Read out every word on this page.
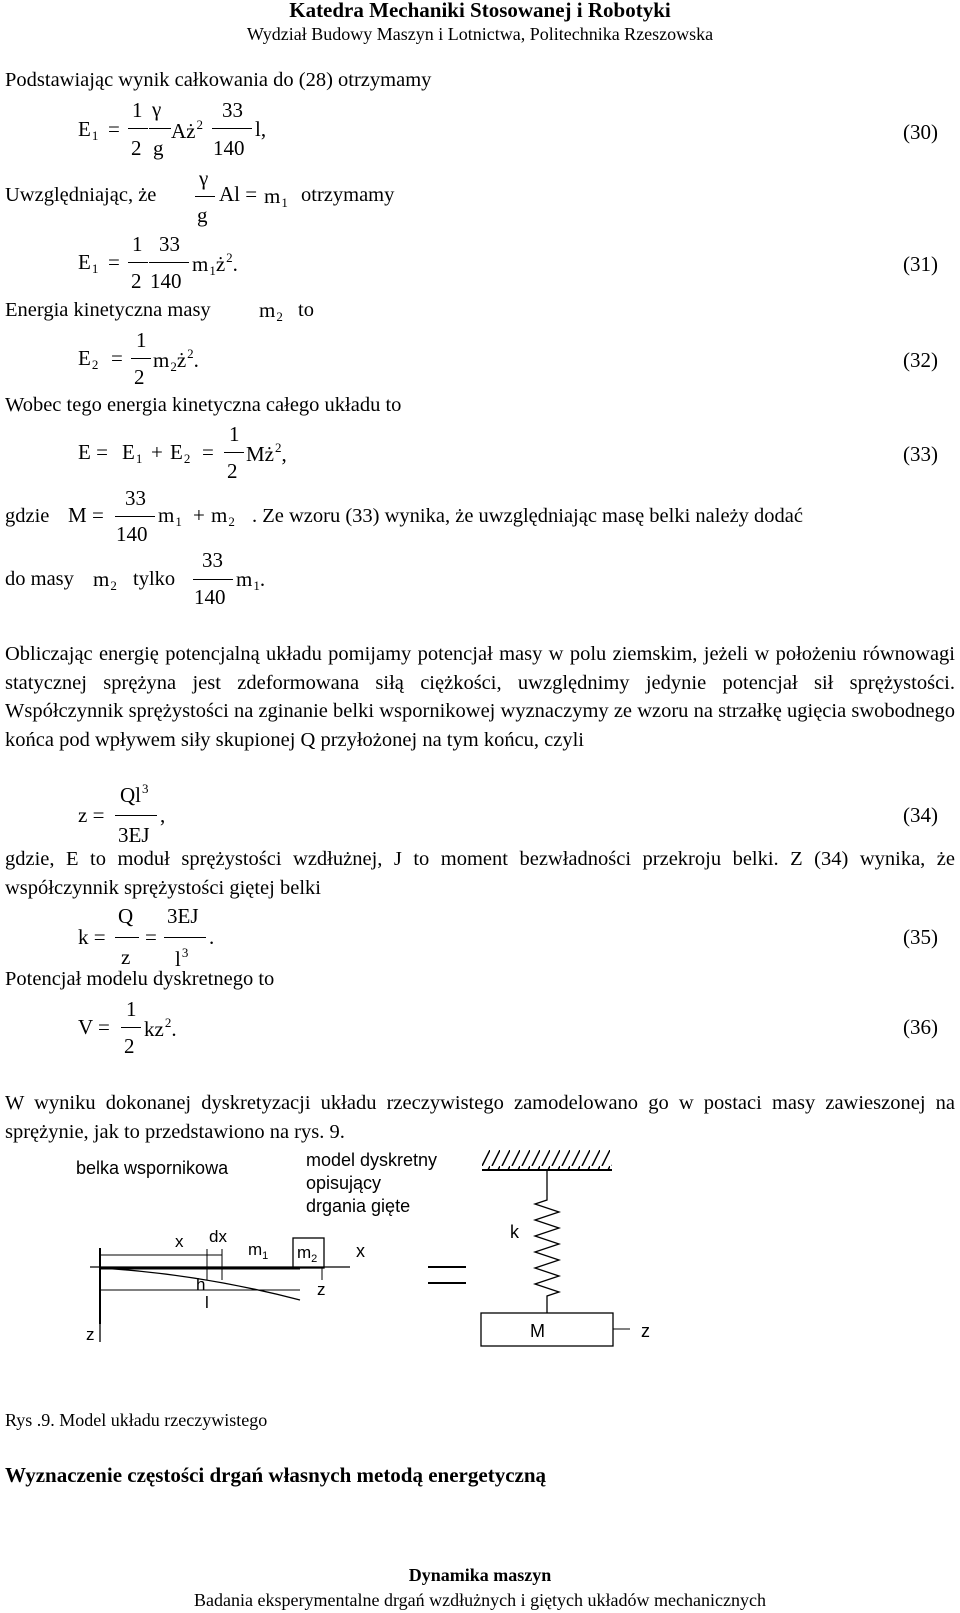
Katedra Mechaniki Stosowanej i Robotyki
Wydział Budowy Maszyn i Lotnictwa, Politechnika Rzeszowska
Podstawiając wynik całkowania do (28) otrzymamy
$E_1$ =
1
2
γ
g
$Aż^2$
33
140
l,	(30)
Uwzględniając, że
γ
g
$Al = m_1$ otrzymamy
$E_1$ =
1
2
33
140
$m_1ż^2$.	(31)
Energia kinetyczna masy $m_2$ to
$E_2$ =
1
2
$m_2ż^2$.	(32)
Wobec tego energia kinetyczna całego układu to
$E = E_1 + E_2$ =
1
2
$Mż^2$,	(33)
gdzie M =
33
140
$m_1 + m_2$ . Ze wzoru (33) wynika, że uwzględniając masę belki należy dodać
do masy $m_2$ tylko
33
140
$m_1$.
Obliczając energię potencjalną układu pomijamy potencjał masy w polu ziemskim, jeżeli w położeniu równowagi statycznej sprężyna jest zdeformowana siłą ciężkości, uwzględnimy jedynie potencjał sił sprężystości. Współczynnik sprężystości na zginanie belki wspornikowej wyznaczymy ze wzoru na strzałkę ugięcia swobodnego końca pod wpływem siły skupionej Q przyłożonej na tym końcu, czyli
z =
$Ql^3$
3EJ
,	(34)
gdzie, E to moduł sprężystości wzdłużnej, J to moment bezwładności przekroju belki. Z (34) wynika, że współczynnik sprężystości giętej belki
k =
Q
z
=
3EJ
$l^3$
.	(35)
Potencjał modelu dyskretnego to
V =
1
2
$kz^2$.	(36)
W wyniku dokonanej dyskretyzacji układu rzeczywistego zamodelowano go w postaci masy zawieszonej na sprężynie, jak to przedstawiono na rys. 9.
belka wspornikowa	model dyskretny
opisujący
drgania gięte
z
x dx
h
l
$m_1$ $m_2$
z
x
k
M	z
Rys .9. Model układu rzeczywistego
Wyznaczenie częstości drgań własnych metodą energetyczną
Dynamika maszyn
Badania eksperymentalne drgań wzdłużnych i giętych układów mechanicznych
